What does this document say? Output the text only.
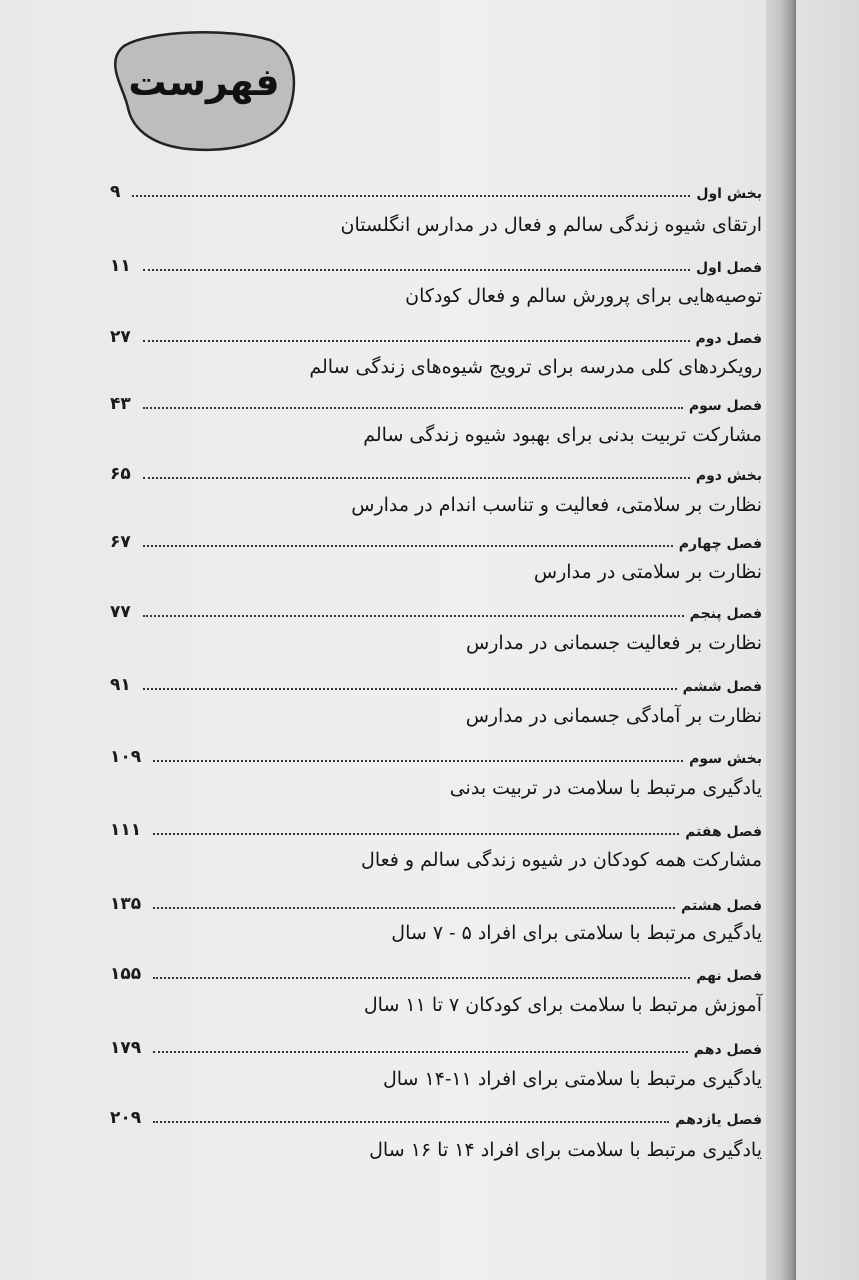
فهرست
بخش اول
۹
ارتقای شیوه زندگی سالم و فعال در مدارس انگلستان
فصل اول
۱۱
توصیه‌هایی برای پرورش سالم و فعال کودکان
فصل دوم
۲۷
رویکردهای کلی مدرسه برای ترویج شیوه‌های زندگی سالم
فصل سوم
۴۳
مشارکت تربیت بدنی برای بهبود شیوه زندگی سالم
بخش دوم
۶۵
نظارت بر سلامتی، فعالیت و تناسب اندام در مدارس
فصل چهارم
۶۷
نظارت بر سلامتی در مدارس
فصل پنجم
۷۷
نظارت بر فعالیت جسمانی در مدارس
فصل ششم
۹۱
نظارت بر آمادگی جسمانی در مدارس
بخش سوم
۱۰۹
یادگیری مرتبط با سلامت در تربیت بدنی
فصل هفتم
۱۱۱
مشارکت همه کودکان در شیوه زندگی سالم و فعال
فصل هشتم
۱۳۵
یادگیری مرتبط با سلامتی برای افراد ۵ - ۷ سال
فصل نهم
۱۵۵
آموزش مرتبط با سلامت برای کودکان ۷ تا ۱۱ سال
فصل دهم
۱۷۹
یادگیری مرتبط با سلامتی برای افراد ۱۱-۱۴ سال
فصل یازدهم
۲۰۹
یادگیری مرتبط با سلامت برای افراد ۱۴ تا ۱۶ سال
